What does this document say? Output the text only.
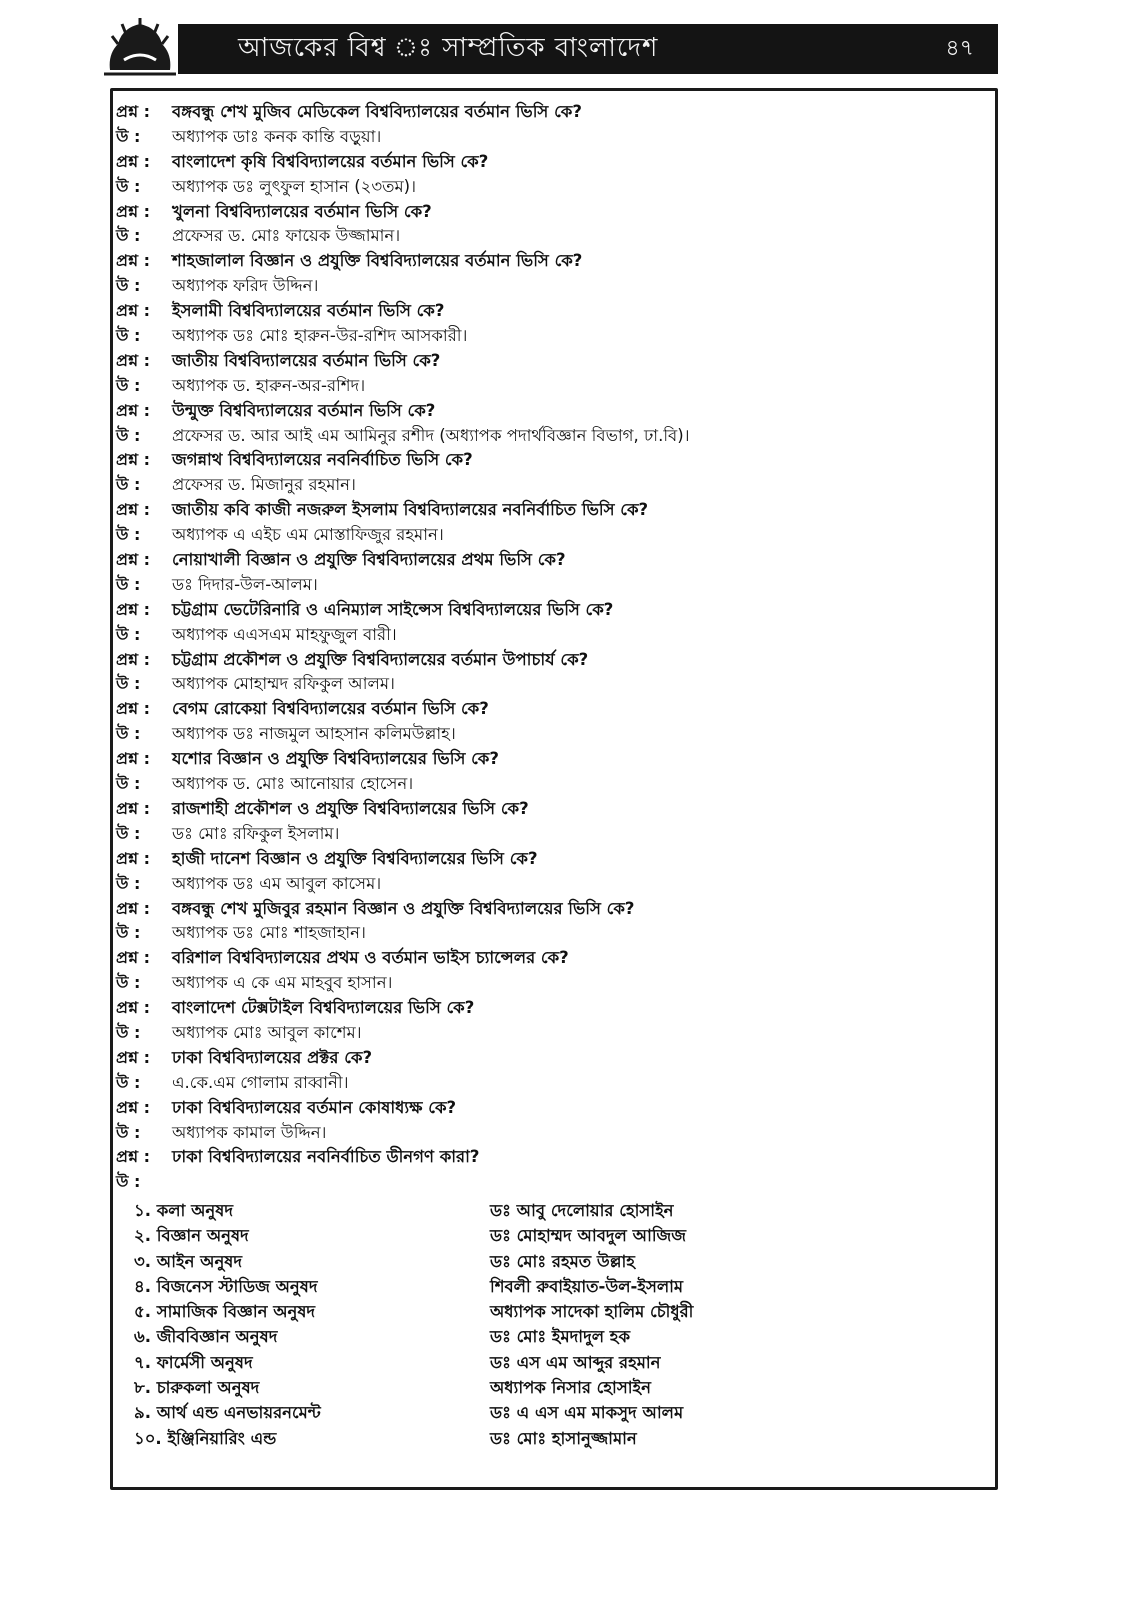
আজকের বিশ্ব ঃ সাম্প্রতিক বাংলাদেশ	৪৭
প্রশ্ন :	বঙ্গবন্ধু শেখ মুজিব মেডিকেল বিশ্ববিদ্যালয়ের বর্তমান ভিসি কে?
উ :	অধ্যাপক ডাঃ কনক কান্তি বড়ুয়া।
প্রশ্ন :	বাংলাদেশ কৃষি বিশ্ববিদ্যালয়ের বর্তমান ভিসি কে?
উ :	অধ্যাপক ডঃ লুৎফুল হাসান (২৩তম)।
প্রশ্ন :	খুলনা বিশ্ববিদ্যালয়ের বর্তমান ভিসি কে?
উ :	প্রফেসর ড. মোঃ ফায়েক উজ্জামান।
প্রশ্ন :	শাহজালাল বিজ্ঞান ও প্রযুক্তি বিশ্ববিদ্যালয়ের বর্তমান ভিসি কে?
উ :	অধ্যাপক ফরিদ উদ্দিন।
প্রশ্ন :	ইসলামী বিশ্ববিদ্যালয়ের বর্তমান ভিসি কে?
উ :	অধ্যাপক ডঃ মোঃ হারুন-উর-রশিদ আসকারী।
প্রশ্ন :	জাতীয় বিশ্ববিদ্যালয়ের বর্তমান ভিসি কে?
উ :	অধ্যাপক ড. হারুন-অর-রশিদ।
প্রশ্ন :	উন্মুক্ত বিশ্ববিদ্যালয়ের বর্তমান ভিসি কে?
উ :	প্রফেসর ড. আর আই এম আমিনুর রশীদ (অধ্যাপক পদার্থবিজ্ঞান বিভাগ, ঢা.বি)।
প্রশ্ন :	জগন্নাথ বিশ্ববিদ্যালয়ের নবনির্বাচিত ভিসি কে?
উ :	প্রফেসর ড. মিজানুর রহমান।
প্রশ্ন :	জাতীয় কবি কাজী নজরুল ইসলাম বিশ্ববিদ্যালয়ের নবনির্বাচিত ভিসি কে?
উ :	অধ্যাপক এ এইচ এম মোস্তাফিজুর রহমান।
প্রশ্ন :	নোয়াখালী বিজ্ঞান ও প্রযুক্তি বিশ্ববিদ্যালয়ের প্রথম ভিসি কে?
উ :	ডঃ দিদার-উল-আলম।
প্রশ্ন :	চট্টগ্রাম ভেটেরিনারি ও এনিম্যাল সাইন্সেস বিশ্ববিদ্যালয়ের ভিসি কে?
উ :	অধ্যাপক এএসএম মাহফুজুল বারী।
প্রশ্ন :	চট্টগ্রাম প্রকৌশল ও প্রযুক্তি বিশ্ববিদ্যালয়ের বর্তমান উপাচার্য কে?
উ :	অধ্যাপক মোহাম্মদ রফিকুল আলম।
প্রশ্ন :	বেগম রোকেয়া বিশ্ববিদ্যালয়ের বর্তমান ভিসি কে?
উ :	অধ্যাপক ডঃ নাজমুল আহসান কলিমউল্লাহ।
প্রশ্ন :	যশোর বিজ্ঞান ও প্রযুক্তি বিশ্ববিদ্যালয়ের ভিসি কে?
উ :	অধ্যাপক ড. মোঃ আনোয়ার হোসেন।
প্রশ্ন :	রাজশাহী প্রকৌশল ও প্রযুক্তি বিশ্ববিদ্যালয়ের ভিসি কে?
উ :	ডঃ মোঃ রফিকুল ইসলাম।
প্রশ্ন :	হাজী দানেশ বিজ্ঞান ও প্রযুক্তি বিশ্ববিদ্যালয়ের ভিসি কে?
উ :	অধ্যাপক ডঃ এম আবুল কাসেম।
প্রশ্ন :	বঙ্গবন্ধু শেখ মুজিবুর রহমান বিজ্ঞান ও প্রযুক্তি বিশ্ববিদ্যালয়ের ভিসি কে?
উ :	অধ্যাপক ডঃ মোঃ শাহজাহান।
প্রশ্ন :	বরিশাল বিশ্ববিদ্যালয়ের প্রথম ও বর্তমান ভাইস চ্যান্সেলর কে?
উ :	অধ্যাপক এ কে এম মাহবুব হাসান।
প্রশ্ন :	বাংলাদেশ টেক্সটাইল বিশ্ববিদ্যালয়ের ভিসি কে?
উ :	অধ্যাপক মোঃ আবুল কাশেম।
প্রশ্ন :	ঢাকা বিশ্ববিদ্যালয়ের প্রক্টর কে?
উ :	এ.কে.এম গোলাম রাব্বানী।
প্রশ্ন :	ঢাকা বিশ্ববিদ্যালয়ের বর্তমান কোষাধ্যক্ষ কে?
উ :	অধ্যাপক কামাল উদ্দিন।
প্রশ্ন :	ঢাকা বিশ্ববিদ্যালয়ের নবনির্বাচিত ডীনগণ কারা?
উ :
১. কলা অনুষদ	ডঃ আবু দেলোয়ার হোসাইন
২. বিজ্ঞান অনুষদ	ডঃ মোহাম্মদ আবদুল আজিজ
৩. আইন অনুষদ	ডঃ মোঃ রহমত উল্লাহ
৪. বিজনেস স্টাডিজ অনুষদ	শিবলী রুবাইয়াত-উল-ইসলাম
৫. সামাজিক বিজ্ঞান অনুষদ	অধ্যাপক সাদেকা হালিম চৌধুরী
৬. জীববিজ্ঞান অনুষদ	ডঃ মোঃ ইমদাদুল হক
৭. ফার্মেসী অনুষদ	ডঃ এস এম আব্দুর রহমান
৮. চারুকলা অনুষদ	অধ্যাপক নিসার হোসাইন
৯. আর্থ এন্ড এনভায়রনমেন্ট	ডঃ এ এস এম মাকসুদ আলম
১০. ইঞ্জিনিয়ারিং এন্ড	ডঃ মোঃ হাসানুজ্জামান
